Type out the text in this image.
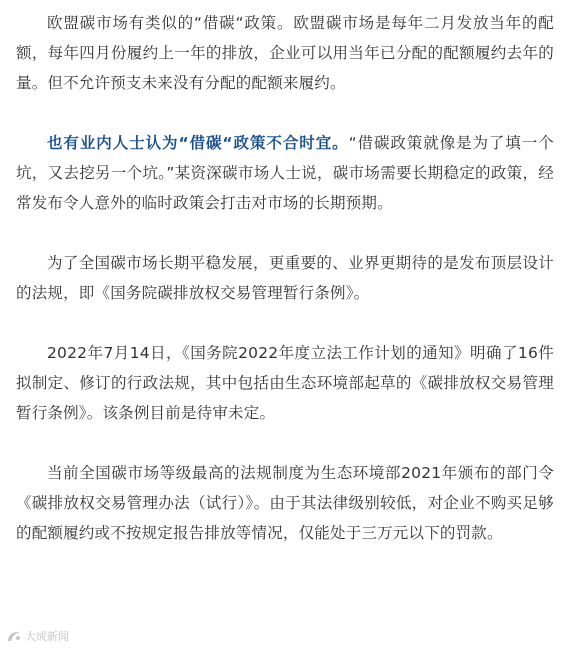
欧盟碳市场有类似的“借碳“政策。欧盟碳市场是每年二月发放当年的配额，每年四月份履约上一年的排放，企业可以用当年已分配的配额履约去年的量。但不允许预支未来没有分配的配额来履约。

也有业内人士认为“借碳“政策不合时宜。“借碳政策就像是为了填一个坑，又去挖另一个坑。”某资深碳市场人士说，碳市场需要长期稳定的政策，经常发布令人意外的临时政策会打击对市场的长期预期。

为了全国碳市场长期平稳发展，更重要的、业界更期待的是发布顶层设计的法规，即《国务院碳排放权交易管理暂行条例》。

2022年7月14日，《国务院2022年度立法工作计划的通知》明确了16件拟制定、修订的行政法规，其中包括由生态环境部起草的《碳排放权交易管理暂行条例》。该条例目前是待审未定。

当前全国碳市场等级最高的法规制度为生态环境部2021年颁布的部门令《碳排放权交易管理办法（试行）》。由于其法律级别较低，对企业不购买足够的配额履约或不按规定报告排放等情况，仅能处于三万元以下的罚款。

大成新闻
